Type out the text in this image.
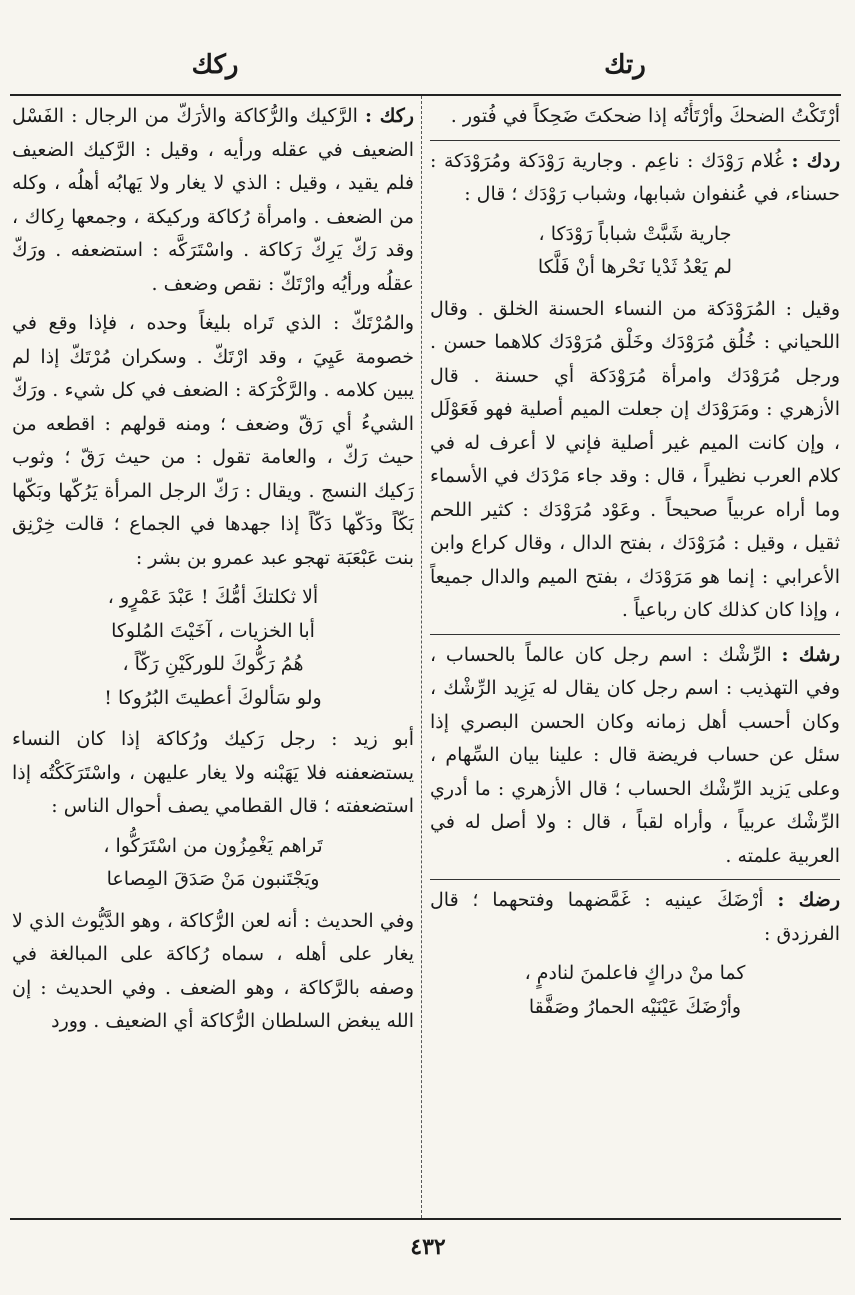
رتك
ركك

أرْتَكْتُ الضحكَ وأرْتَأْتُه إذا ضحكتَ ضَحِكاً في فُتور .

ردك : غُلام رَوْدَك : ناعِم . وجارية رَوْدَكة ومُرَوْدَكة : حسناء، في عُنفوان شبابها، وشباب رَوْدَك ؛ قال :

جارية شَبَّتْ شباباً رَوْدَكا ،
لم يَعْدُ ثَدْيا نَحْرها أنْ فَلَّكا

وقيل : المُرَوْدَكة من النساء الحسنة الخلق . وقال اللحياني : خُلُق مُرَوْدَك وخَلْق مُرَوْدَك كلاهما حسن . ورجل مُرَوْدَك وامرأة مُرَوْدَكة أي حسنة . قال الأزهري : ومَرَوْدَك إن جعلت الميم أصلية فهو فَعَوْلَل ، وإن كانت الميم غير أصلية فإني لا أعرف له في كلام العرب نظيراً ، قال : وقد جاء مَرْدَك في الأسماء وما أراه عربياً صحيحاً . وعَوْد مُرَوْدَك : كثير اللحم ثقيل ، وقيل : مُرَوْدَك ، بفتح الدال ، وقال كراع وابن الأعرابي : إنما هو مَرَوْدَك ، بفتح الميم والدال جميعاً ، وإذا كان كذلك كان رباعياً .

رشك : الرِّشْك : اسم رجل كان عالماً بالحساب ، وفي التهذيب : اسم رجل كان يقال له يَزِيد الرِّشْك ، وكان أحسب أهل زمانه وكان الحسن البصري إذا سئل عن حساب فريضة قال : علينا بيان السِّهام ، وعلى يَزيد الرِّشْك الحساب ؛ قال الأزهري : ما أدري الرِّشْك عربياً ، وأراه لقباً ، قال : ولا أصل له في العربية علمته .

رضك : أرْضَكَ عينيه : غَمَّضهما وفتحهما ؛ قال الفرزدق :

كما منْ دراكٍ فاعلمنَ لنادمٍ ،
وأرْضَكَ عَيْنَيْه الحمارُ وصَفَّقا

ركك : الرَّكيك والرُّكاكة والأرَكّ من الرجال : الفَسْل الضعيف في عقله ورأيه ، وقيل : الرَّكيك الضعيف فلم يقيد ، وقيل : الذي لا يغار ولا يَهابُه أهلُه ، وكله من الضعف . وامرأة رُكاكة وركيكة ، وجمعها رِكاك ، وقد رَكّ يَرِكّ رَكاكة . واسْتَرَكَّه : استضعفه . ورَكّ عقلُه ورأيُه وارْتَكّ : نقص وضعف .

والمُرْتَكّ : الذي تَراه بليغاً وحده ، فإذا وقع في خصومة عَيِيَ ، وقد ارْتَكّ . وسكران مُرْتَكّ إذا لم يبين كلامه . والرَّكْرَكة : الضعف في كل شيء . ورَكّ الشيءُ أي رَقّ وضعف ؛ ومنه قولهم : اقطعه من حيث رَكّ ، والعامة تقول : من حيث رَقّ ؛ وثوب رَكيك النسج . ويقال : رَكّ الرجل المرأة يَرُكّها وبَكّها بَكّاً ودَكّها دَكّاً إذا جهدها في الجماع ؛ قالت خِرْنِق بنت عَبْعَبَة تهجو عبد عمرو بن بشر :

ألا ثكلتكَ أمُّكَ ! عَبْدَ عَمْرٍو ،
أبا الخزيات ، آخَيْتَ المُلوكا
هُمُ رَكُّوكَ للوركَيْنِ رَكّاً ،
ولو سَألوكَ أعطيتَ البُرُوكا !

أبو زيد : رجل رَكيك ورُكاكة إذا كان النساء يستضعفنه فلا يَهَبْنه ولا يغار عليهن ، واسْتَرَكَكْتُه إذا استضعفته ؛ قال القطامي يصف أحوال الناس :

تَراهم يَغْمِزُون من اسْتَرَكُّوا ،
ويَجْتَنبون مَنْ صَدَقَ المِصاعا

وفي الحديث : أنه لعن الرُّكاكة ، وهو الدَّيُّوث الذي لا يغار على أهله ، سماه رُكاكة على المبالغة في وصفه بالرَّكاكة ، وهو الضعف . وفي الحديث : إن الله يبغض السلطان الرُّكاكة أي الضعيف . وورد

٤٣٢
